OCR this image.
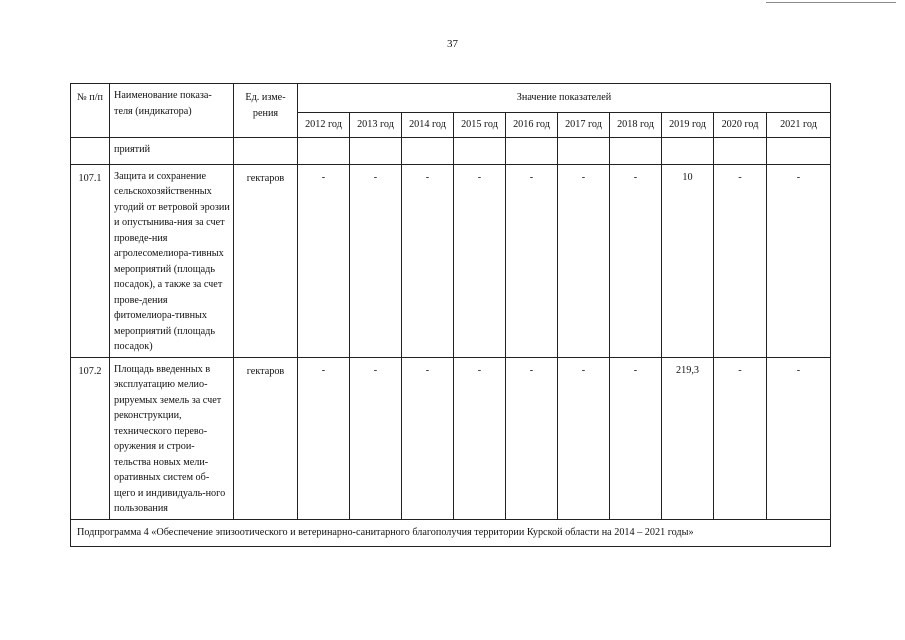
37
№ п/п	Наименование показа-теля (индикатора)	Ед. изме-рения	Значение показателей									
			2012 год	2013 год	2014 год	2015 год	2016 год	2017 год	2018 год	2019 год	2020 год	2021 год
	приятий											
107.1	Защита и сохранение сельскохозяйственных угодий от ветровой эрозии и опустынива-ния за счет проведе-ния агролесомелиора-тивных мероприятий (площадь посадок), а также за счет прове-дения фитомелиора-тивных мероприятий (площадь посадок)	гектаров	-	-	-	-	-	-	-	10	-	-
107.2	Площадь введенных в эксплуатацию мелио-рируемых земель за счет реконструкции, технического перево-оружения и строи-тельства новых мели-оративных систем об-щего и индивидуаль-ного пользования	гектаров	-	-	-	-	-	-	-	219,3	-	-
Подпрограмма 4 «Обеспечение эпизоотического и ветеринарно-санитарного благополучия территории Курской области на 2014 – 2021 годы»												
